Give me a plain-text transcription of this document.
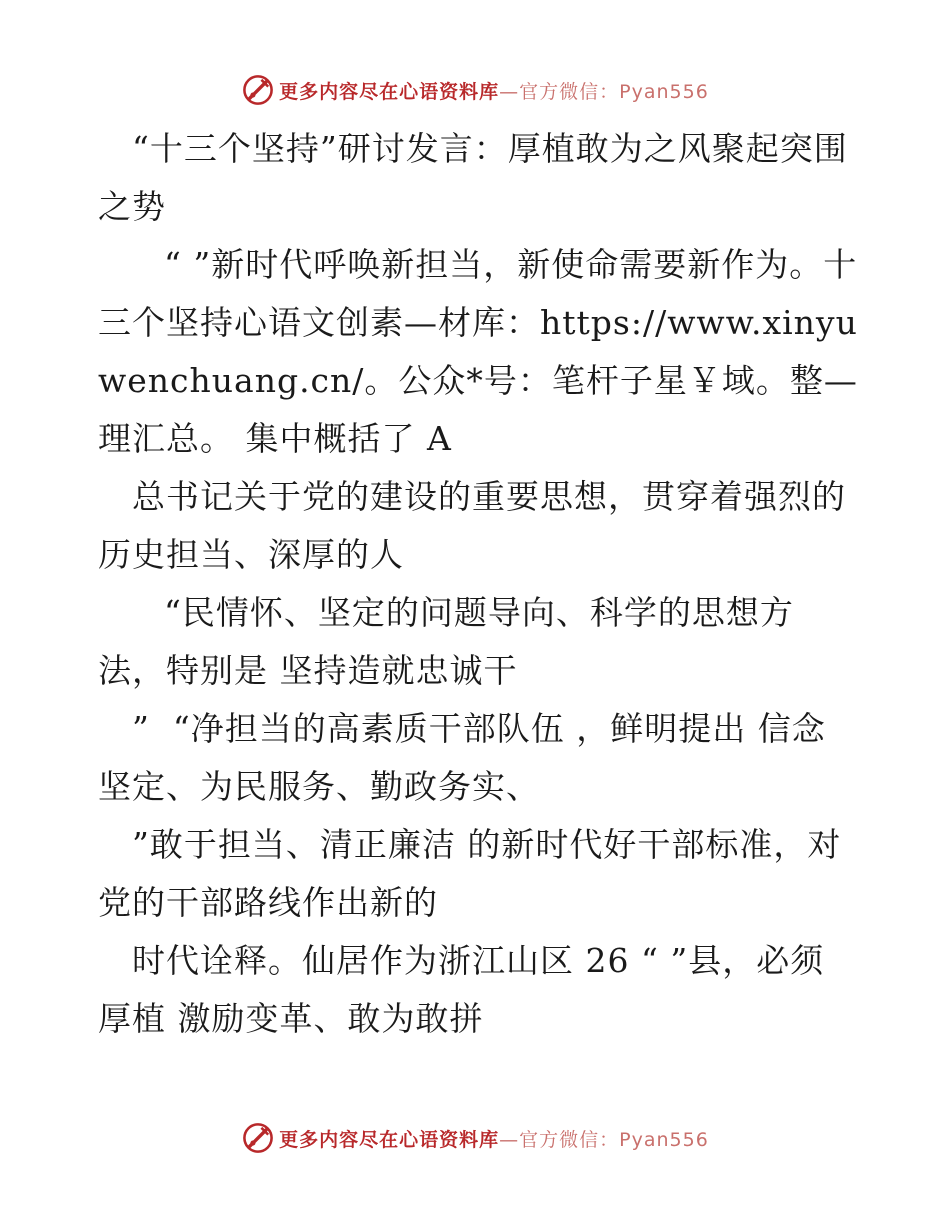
更多内容尽在心语资料库 —官方微信：Pyan556

“十三个坚持”研讨发言：厚植敢为之风聚起突围之势

“ ”新时代呼唤新担当，新使命需要新作为。十三个坚持心语文创素—材库：https://www.xinyuwenchuang.cn/。公众*号：笔杆子星￥域。整—理汇总。 集中概括了 A

总书记关于党的建设的重要思想，贯穿着强烈的历史担当、深厚的人

“民情怀、坚定的问题导向、科学的思想方法，特别是 坚持造就忠诚干

”  “净担当的高素质干部队伍 ，鲜明提出 信念坚定、为民服务、勤政务实、

”敢于担当、清正廉洁 的新时代好干部标准，对党的干部路线作出新的

时代诠释。仙居作为浙江山区 26 “ ”县，必须厚植 激励变革、敢为敢拼

更多内容尽在心语资料库 —官方微信：Pyan556
